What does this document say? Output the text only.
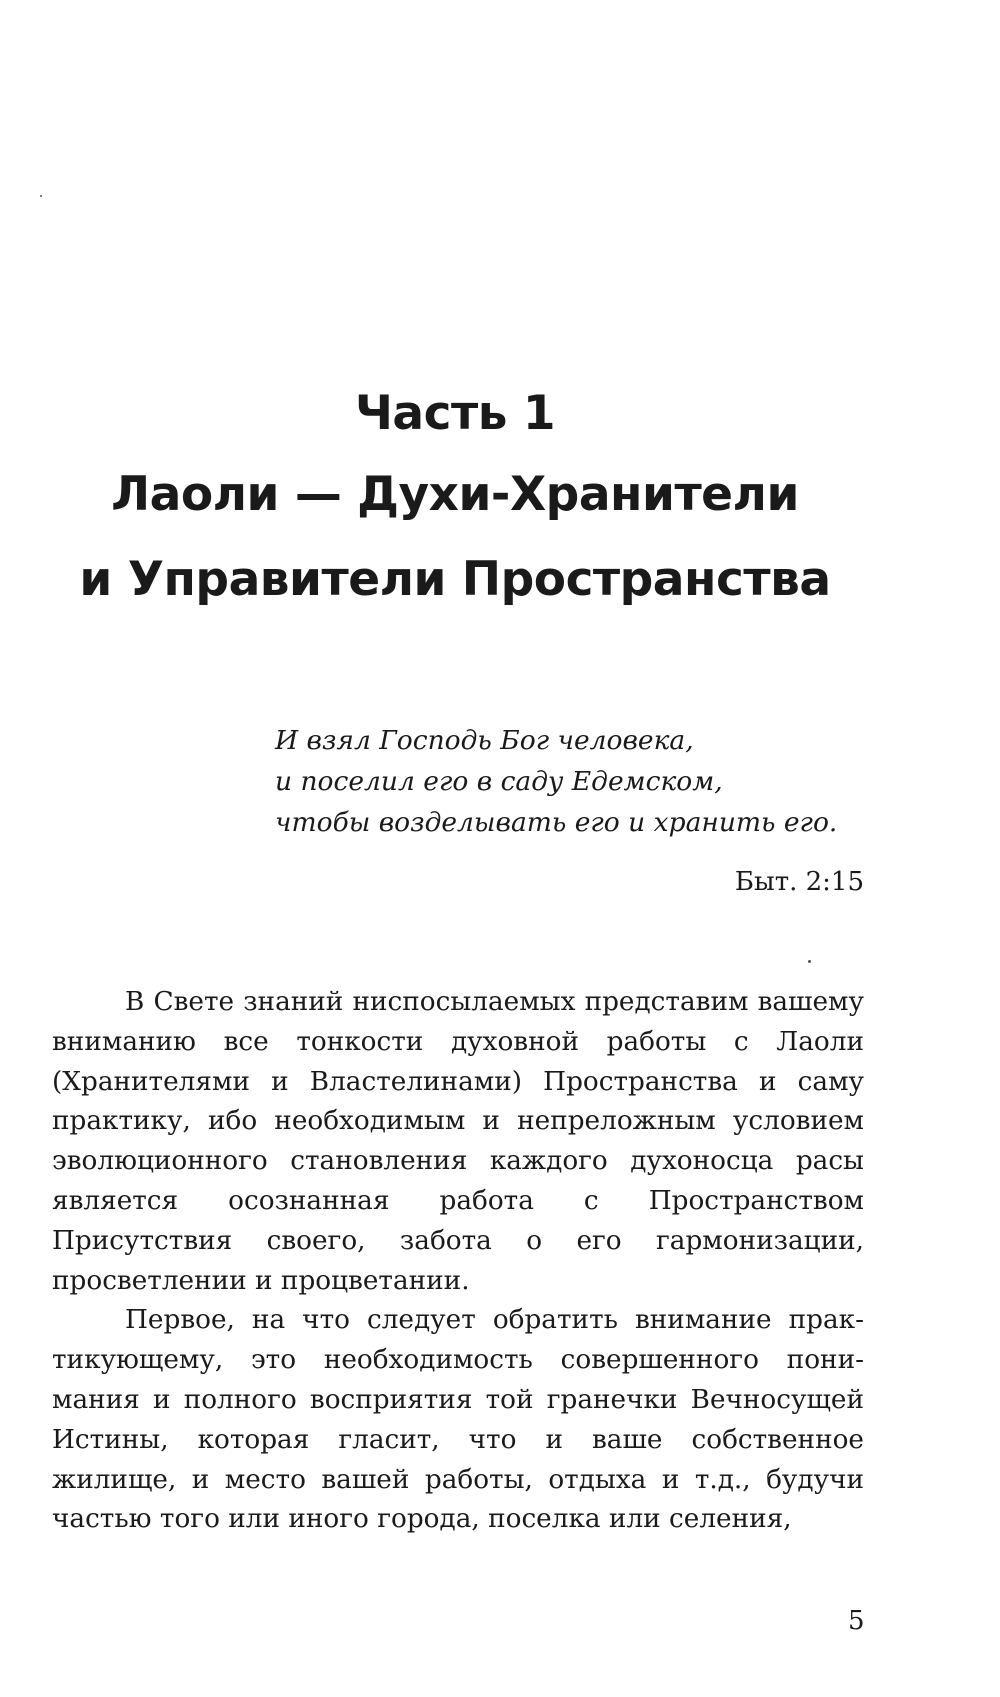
Часть 1
Лаоли — Духи-Хранители
и Управители Пространства
И взял Господь Бог человека,
и поселил его в саду Едемском,
чтобы возделывать его и хранить его.
Быт. 2:15

В Свете знаний ниспосылаемых представим вашему вниманию все тонкости духовной работы с Лаоли (Хранителями и Властелинами) Пространства и саму практику, ибо необходимым и непреложным условием эволюционного становления каждого духоносца расы является осознанная работа с Пространством Присутствия своего, забота о его гармонизации, просветлении и процветании.

Первое, на что следует обратить внимание практикующему, это необходимость совершенного понимания и полного восприятия той гранечки Вечносущей Истины, которая гласит, что и ваше собственное жилище, и место вашей работы, отдыха и т.д., будучи частью того или иного города, поселка или селения,

5
